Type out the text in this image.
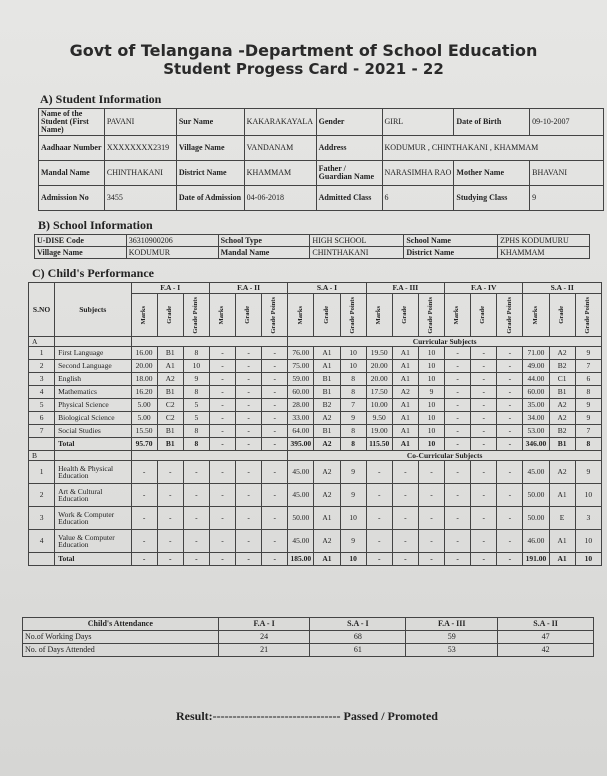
Govt of Telangana -Department of School Education
Student Progess Card - 2021 - 22
A) Student Information
Name of the Student (First Name)	PAVANI	Sur Name	KAKARAKAYALA	Gender	GIRL	Date of Birth	09-10-2007
Aadhaar Number	XXXXXXXX2319	Village Name	VANDANAM	Address	KODUMUR , CHINTHAKANI , KHAMMAM		
Mandal Name	CHINTHAKANI	District Name	KHAMMAM	Father / Guardian Name	NARASIMHA RAO	Mother Name	BHAVANI
Admission No	3455	Date of Admission	04-06-2018	Admitted Class	6	Studying Class	9
B) School Information
U-DISE Code	36310900206	School Type	HIGH SCHOOL	School Name	ZPHS KODUMURU
Village Name	KODUMUR	Mandal Name	CHINTHAKANI	District Name	KHAMMAM
C) Child's Performance
S.NO	Subjects	F.A - I			F.A - II			S.A - I			F.A - III			F.A - IV			S.A - II		

		Marks	Grade	Grade Points	Marks	Grade	Grade Points	Marks	Grade	Grade Points	Marks	Grade	Grade Points	Marks	Grade	Grade Points	Marks	Grade	Grade Points

A								Curricular Subjects											
1	First Language	16.00	B1	8	-	-	-	76.00	A1	10	19.50	A1	10	-	-	-	71.00	A2	9
2	Second Language	20.00	A1	10	-	-	-	75.00	A1	10	20.00	A1	10	-	-	-	49.00	B2	7
3	English	18.00	A2	9	-	-	-	59.00	B1	8	20.00	A1	10	-	-	-	44.00	C1	6
4	Mathematics	16.20	B1	8	-	-	-	60.00	B1	8	17.50	A2	9	-	-	-	60.00	B1	8
5	Physical Science	5.00	C2	5	-	-	-	28.00	B2	7	10.00	A1	10	-	-	-	35.00	A2	9
6	Biological Science	5.00	C2	5	-	-	-	33.00	A2	9	9.50	A1	10	-	-	-	34.00	A2	9
7	Social Studies	15.50	B1	8	-	-	-	64.00	B1	8	19.00	A1	10	-	-	-	53.00	B2	7
	Total	95.70	B1	8	-	-	-	395.00	A2	8	115.50	A1	10	-	-	-	346.00	B1	8
B								Co-Curricular Subjects											
1	Health & Physical Education	-	-	-	-	-	-	45.00	A2	9	-	-	-	-	-	-	45.00	A2	9
2	Art & Cultural Education	-	-	-	-	-	-	45.00	A2	9	-	-	-	-	-	-	50.00	A1	10
3	Work & Computer Education	-	-	-	-	-	-	50.00	A1	10	-	-	-	-	-	-	50.00	E	3
4	Value & Computer Education	-	-	-	-	-	-	45.00	A2	9	-	-	-	-	-	-	46.00	A1	10
	Total	-	-	-	-	-	-	185.00	A1	10	-	-	-	-	-	-	191.00	A1	10
Child's Attendance	F.A - I	S.A - I	F.A - III	S.A - II
No.of Working Days	24	68	59	47
No. of Days Attended	21	61	53	42
Result:-------------------------------- Passed / Promoted
